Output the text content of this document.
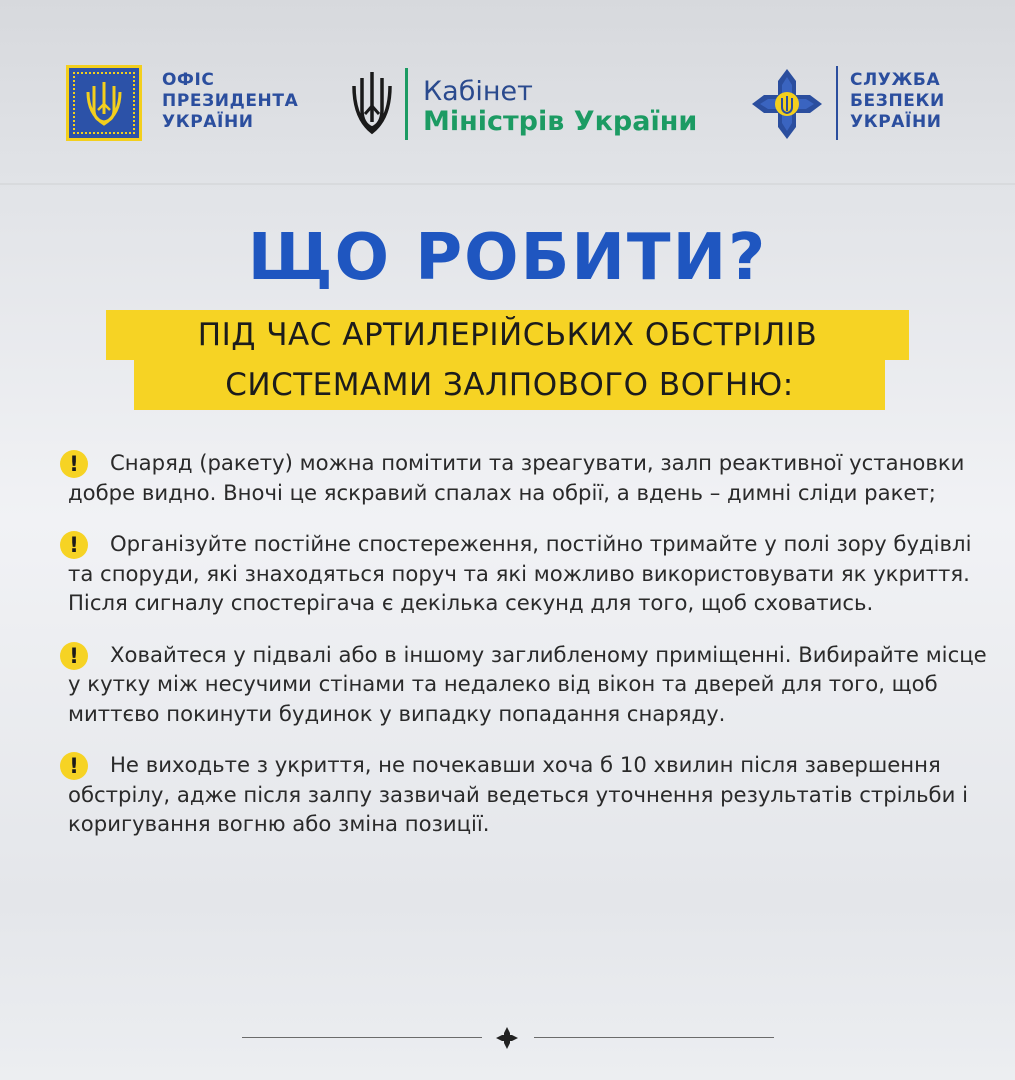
ОФІС
ПРЕЗИДЕНТА
УКРАЇНИ
Кабінет
Міністрів України
СЛУЖБА
БЕЗПЕКИ
УКРАЇНИ
ЩО РОБИТИ?
ПІД ЧАС АРТИЛЕРІЙСЬКИХ ОБСТРІЛІВ
СИСТЕМАМИ ЗАЛПОВОГО ВОГНЮ:
!

Снаряд (ракету) можна помітити та зреагувати, залп реактивної установки добре видно. Вночі це яскравий спалах на обрії, а вдень – димні сліди ракет;

!

Організуйте постійне спостереження, постійно тримайте у полі зору будівлі та споруди, які знаходяться поруч та які можливо використовувати як укриття. Після сигналу спостерігача є декілька секунд для того, щоб сховатись.

!

Ховайтеся у підвалі або в іншому заглибленому приміщенні. Вибирайте місце у кутку між несучими стінами та недалеко від вікон та дверей для того, щоб миттєво покинути будинок у випадку попадання снаряду.

!

Не виходьте з укриття, не почекавши хоча б 10 хвилин після завершення обстрілу, адже після залпу зазвичай ведеться уточнення результатів стрільби і коригування вогню або зміна позиції.
